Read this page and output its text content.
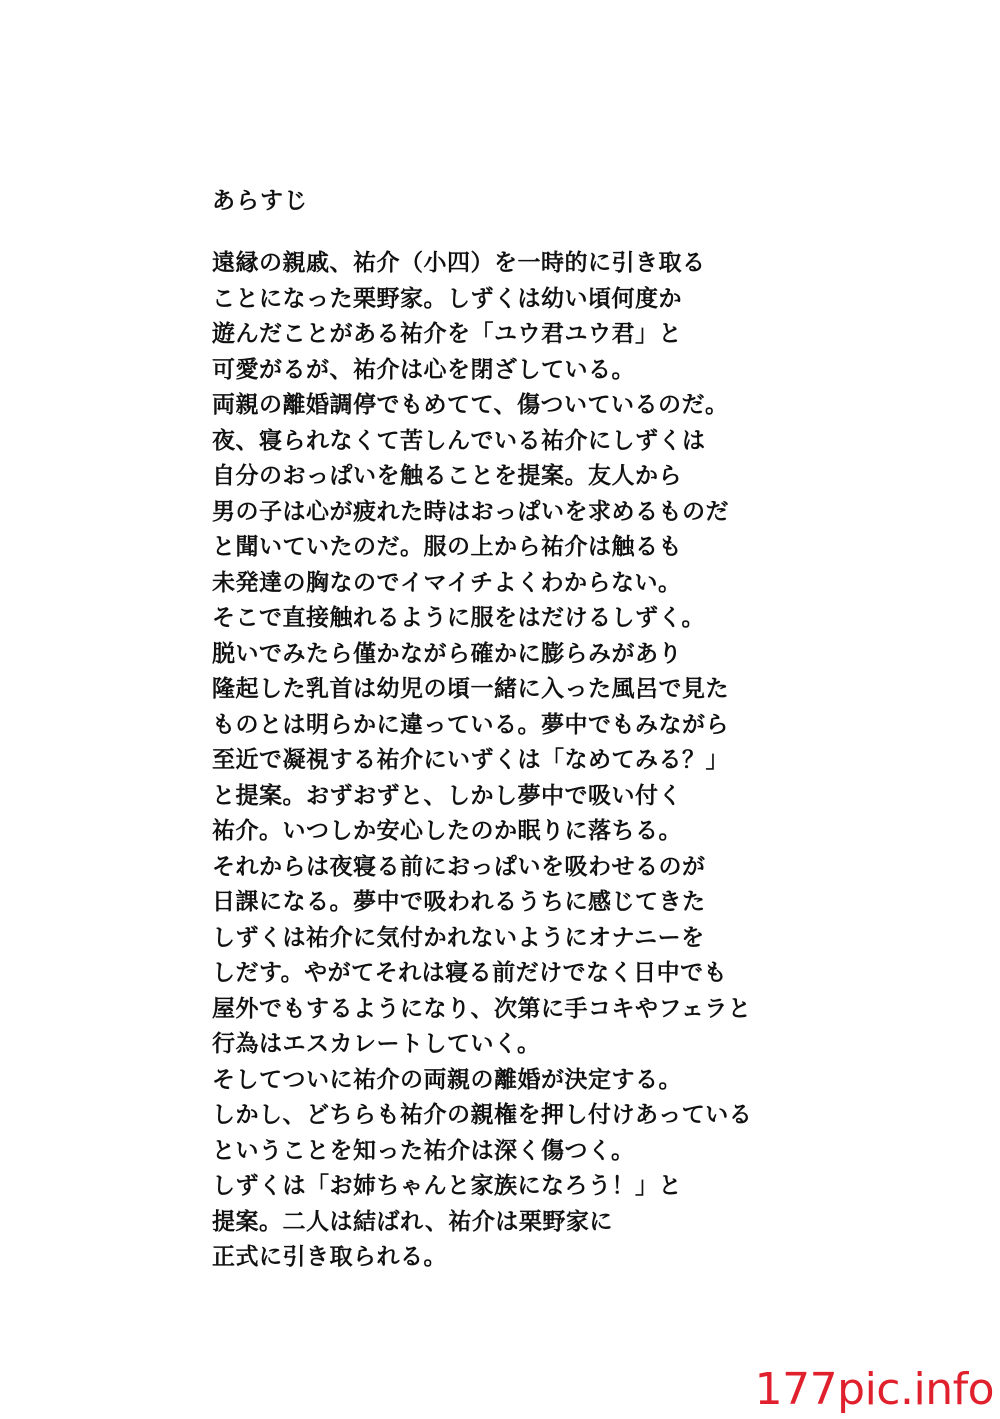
あらすじ
遠縁の親戚、祐介（小四）を一時的に引き取る
ことになった栗野家。しずくは幼い頃何度か
遊んだことがある祐介を「ユウ君ユウ君」と
可愛がるが、祐介は心を閉ざしている。
両親の離婚調停でもめてて、傷ついているのだ。
夜、寝られなくて苦しんでいる祐介にしずくは
自分のおっぱいを触ることを提案。友人から
男の子は心が疲れた時はおっぱいを求めるものだ
と聞いていたのだ。服の上から祐介は触るも
未発達の胸なのでイマイチよくわからない。
そこで直接触れるように服をはだけるしずく。
脱いでみたら僅かながら確かに膨らみがあり
隆起した乳首は幼児の頃一緒に入った風呂で見た
ものとは明らかに違っている。夢中でもみながら
至近で凝視する祐介にいずくは「なめてみる？」
と提案。おずおずと、しかし夢中で吸い付く
祐介。いつしか安心したのか眠りに落ちる。
それからは夜寝る前におっぱいを吸わせるのが
日課になる。夢中で吸われるうちに感じてきた
しずくは祐介に気付かれないようにオナニーを
しだす。やがてそれは寝る前だけでなく日中でも
屋外でもするようになり、次第に手コキやフェラと
行為はエスカレートしていく。
そしてついに祐介の両親の離婚が決定する。
しかし、どちらも祐介の親権を押し付けあっている
ということを知った祐介は深く傷つく。
しずくは「お姉ちゃんと家族になろう！」と
提案。二人は結ばれ、祐介は栗野家に
正式に引き取られる。
177pic.info
